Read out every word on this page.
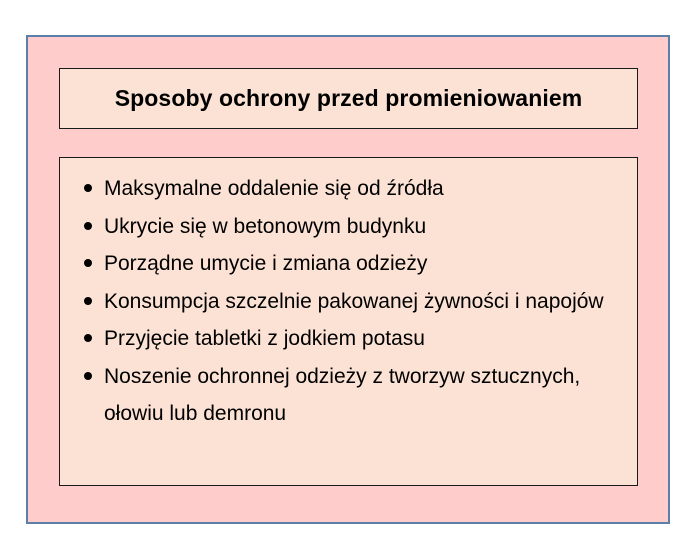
Sposoby ochrony przed promieniowaniem
Maksymalne oddalenie się od źródła
Ukrycie się w betonowym budynku
Porządne umycie i zmiana odzieży
Konsumpcja szczelnie pakowanej żywności i napojów
Przyjęcie tabletki z jodkiem potasu
Noszenie ochronnej odzieży z tworzyw sztucznych, ołowiu lub demronu
